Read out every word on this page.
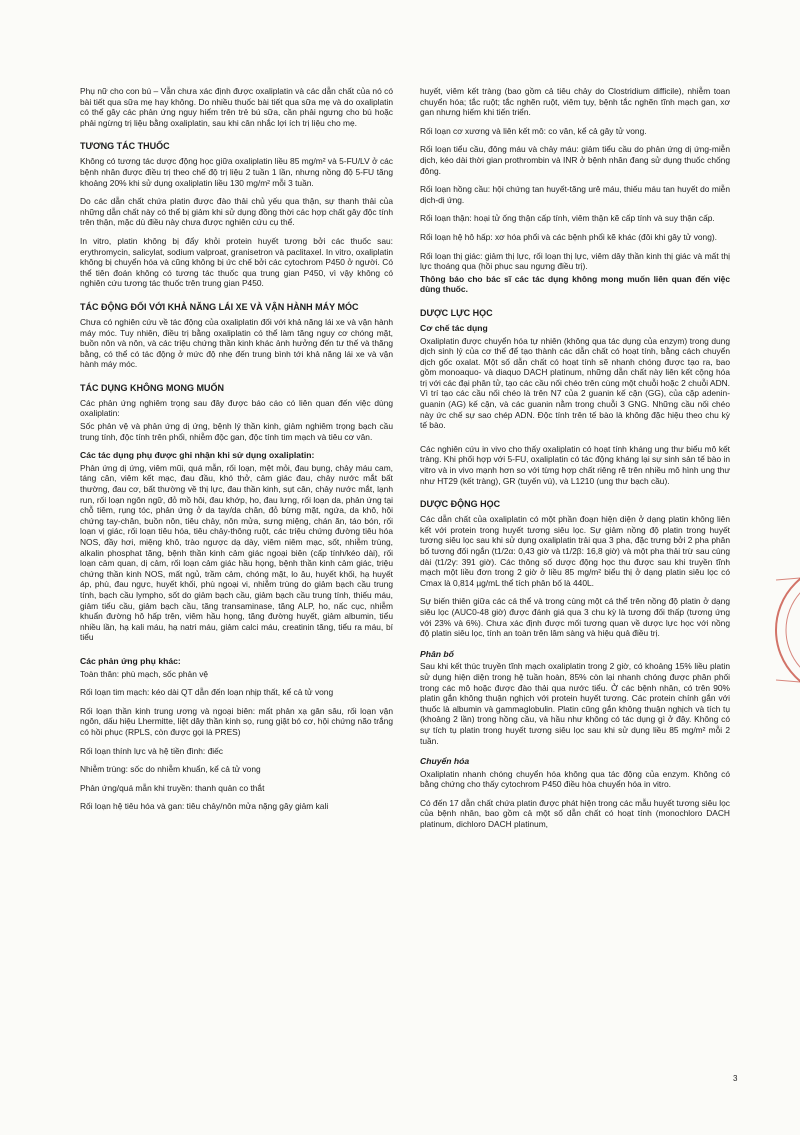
Phụ nữ cho con bú – Vẫn chưa xác định được oxaliplatin và các dẫn chất của nó có bài tiết qua sữa mẹ hay không. Do nhiều thuốc bài tiết qua sữa mẹ và do oxaliplatin có thể gây các phản ứng nguy hiểm trên trẻ bú sữa, cần phải ngưng cho bú hoặc phải ngừng trị liệu bằng oxaliplatin, sau khi cân nhắc lợi ích trị liệu cho mẹ.

TƯƠNG TÁC THUỐC

Không có tương tác dược động học giữa oxaliplatin liều 85 mg/m² và 5-FU/LV ở các bệnh nhân được điều trị theo chế độ trị liệu 2 tuần 1 lần, nhưng nồng độ 5-FU tăng khoảng 20% khi sử dụng oxaliplatin liều 130 mg/m² mỗi 3 tuần.

Do các dẫn chất chứa platin được đào thải chủ yếu qua thận, sự thanh thải của những dẫn chất này có thể bị giảm khi sử dụng đồng thời các hợp chất gây độc tính trên thận, mặc dù điều này chưa được nghiên cứu cụ thể.

In vitro, platin không bị đẩy khỏi protein huyết tương bởi các thuốc sau: erythromycin, salicylat, sodium valproat, granisetron và paclitaxel. In vitro, oxaliplatin không bị chuyển hóa và cũng không bị ức chế bởi các cytochrom P450 ở người. Có thể tiên đoán không có tương tác thuốc qua trung gian P450, vì vậy không có nghiên cứu tương tác thuốc trên trung gian P450.

TÁC ĐỘNG ĐỐI VỚI KHẢ NĂNG LÁI XE VÀ VẬN HÀNH MÁY MÓC

Chưa có nghiên cứu về tác động của oxaliplatin đối với khả năng lái xe và vận hành máy móc. Tuy nhiên, điều trị bằng oxaliplatin có thể làm tăng nguy cơ chóng mặt, buồn nôn và nôn, và các triệu chứng thần kinh khác ảnh hưởng đến tư thế và thăng bằng, có thể có tác động ở mức độ nhẹ đến trung bình tới khả năng lái xe và vận hành máy móc.

TÁC DỤNG KHÔNG MONG MUỐN

Các phản ứng nghiêm trọng sau đây được báo cáo có liên quan đến việc dùng oxaliplatin:

Sốc phản vệ và phản ứng dị ứng, bệnh lý thần kinh, giảm nghiêm trọng bạch cầu trung tính, độc tính trên phổi, nhiễm độc gan, độc tính tim mạch và tiêu cơ vân.

Các tác dụng phụ được ghi nhận khi sử dụng oxaliplatin:

Phản ứng dị ứng, viêm mũi, quá mẫn, rối loạn, mệt mỏi, đau bụng, chảy máu cam, táng cân, viêm kết mạc, đau đầu, khó thở, cảm giác đau, chảy nước mắt bất thường, đau cơ, bất thường về thị lực, đau thần kinh, sụt cân, chảy nước mắt, lạnh run, rối loạn ngôn ngữ, đỏ mồ hôi, đau khớp, ho, đau lưng, rối loạn da, phản ứng tại chỗ tiêm, rụng tóc, phản ứng ở da tay/da chân, đỏ bừng mặt, ngứa, da khô, hội chứng tay-chân, buồn nôn, tiêu chảy, nôn mửa, sưng miệng, chán ăn, táo bón, rối loạn vị giác, rối loạn tiêu hóa, tiêu chảy-thông ruột, các triệu chứng đường tiêu hóa NOS, đầy hơi, miệng khô, trào ngược dạ dày, viêm niêm mạc, sốt, nhiễm trùng, alkalin phosphat tăng, bệnh thần kinh cảm giác ngoại biên (cấp tính/kéo dài), rối loạn cảm quan, dị cảm, rối loạn cảm giác hầu họng, bệnh thần kinh cảm giác, triệu chứng thần kinh NOS, mất ngủ, trầm cảm, chóng mặt, lo âu, huyết khối, hạ huyết áp, phù, đau ngực, huyết khối, phù ngoại vi, nhiễm trùng do giảm bạch cầu trung tính, bạch cầu lympho, sốt do giảm bạch cầu, giảm bạch cầu trung tính, thiếu máu, giảm tiểu cầu, giảm bạch cầu, tăng transaminase, tăng ALP, ho, nấc cục, nhiễm khuẩn đường hô hấp trên, viêm hầu họng, tăng đường huyết, giảm albumin, tiểu nhiều lần, hạ kali máu, hạ natri máu, giảm calci máu, creatinin tăng, tiểu ra máu, bí tiểu

Các phản ứng phụ khác:

Toàn thân: phù mạch, sốc phản vệ

Rối loạn tim mạch: kéo dài QT dẫn đến loạn nhịp thất, kể cả tử vong

Rối loạn thần kinh trung ương và ngoại biên: mất phản xạ gân sâu, rối loạn vận ngôn, dấu hiệu Lhermitte, liệt dây thần kinh sọ, rung giật bó cơ, hội chứng não trắng có hồi phục (RPLS, còn được gọi là PRES)

Rối loạn thính lực và hệ tiền đình: điếc

Nhiễm trùng: sốc do nhiễm khuẩn, kể cả tử vong

Phản ứng/quá mẫn khi truyền: thanh quản co thắt

Rối loạn hệ tiêu hóa và gan: tiêu chảy/nôn mửa nặng gây giảm kali

huyết, viêm kết tràng (bao gồm cả tiêu chảy do Clostridium difficile), nhiễm toan chuyển hóa; tắc ruột; tắc nghẽn ruột, viêm tụy, bệnh tắc nghẽn tĩnh mạch gan, xơ gan nhưng hiếm khi tiến triển.

Rối loạn cơ xương và liên kết mô: co vân, kể cả gây tử vong.

Rối loạn tiểu cầu, đông máu và chảy máu: giảm tiểu cầu do phản ứng dị ứng-miễn dịch, kéo dài thời gian prothrombin và INR ở bệnh nhân đang sử dụng thuốc chống đông.

Rối loạn hồng cầu: hội chứng tan huyết-tăng urê máu, thiếu máu tan huyết do miễn dịch-dị ứng.

Rối loạn thận: hoại tử ống thận cấp tính, viêm thận kẽ cấp tính và suy thận cấp.

Rối loạn hệ hô hấp: xơ hóa phổi và các bệnh phổi kẽ khác (đôi khi gây tử vong).

Rối loạn thị giác: giảm thị lực, rối loạn thị lực, viêm dây thần kinh thị giác và mất thị lực thoáng qua (hồi phục sau ngưng điều trị).

Thông báo cho bác sĩ các tác dụng không mong muốn liên quan đến việc dùng thuốc.

DƯỢC LỰC HỌC
Cơ chế tác dụng

Oxaliplatin được chuyển hóa tự nhiên (không qua tác dụng của enzym) trong dung dịch sinh lý của cơ thể để tạo thành các dẫn chất có hoạt tính, bằng cách chuyển dịch gốc oxalat. Một số dẫn chất có hoạt tính sẽ nhanh chóng được tạo ra, bao gồm monoaquo- và diaquo DACH platinum, những dẫn chất này liên kết cộng hóa trị với các đại phân tử, tạo các cầu nối chéo trên cùng một chuỗi hoặc 2 chuỗi ADN. Vì trí tạo các cầu nối chéo là trên N7 của 2 guanin kế cận (GG), của cặp adenin-guanin (AG) kế cận, và các guanin nằm trong chuỗi 3 GNG. Những cầu nối chéo này ức chế sự sao chép ADN. Độc tính trên tế bào là không đặc hiệu theo chu kỳ tế bào.

Các nghiên cứu in vivo cho thấy oxaliplatin có hoạt tính kháng ung thư biểu mô kết tràng. Khi phối hợp với 5-FU, oxaliplatin có tác động kháng lại sự sinh sản tế bào in vitro và in vivo mạnh hơn so với từng hợp chất riêng rẽ trên nhiều mô hình ung thư như HT29 (kết tràng), GR (tuyến vú), và L1210 (ung thư bạch cầu).

DƯỢC ĐỘNG HỌC

Các dẫn chất của oxaliplatin có một phần đoạn hiện diện ở dạng platin không liên kết với protein trong huyết tương siêu lọc. Sự giảm nồng độ platin trong huyết tương siêu lọc sau khi sử dụng oxaliplatin trải qua 3 pha, đặc trưng bởi 2 pha phân bố tương đối ngắn (t1/2α: 0,43 giờ và t1/2β: 16,8 giờ) và một pha thải trừ sau cùng dài (t1/2γ: 391 giờ). Các thông số dược động học thu được sau khi truyền tĩnh mạch một liều đơn trong 2 giờ ở liều 85 mg/m² biểu thị ở dạng platin siêu lọc có Cmax là 0,814 µg/mL thể tích phân bố là 440L.

Sự biến thiên giữa các cá thể và trong cùng một cá thể trên nồng độ platin ở dạng siêu lọc (AUC0-48 giờ) được đánh giá qua 3 chu kỳ là tương đối thấp (tương ứng với 23% và 6%). Chưa xác định được mối tương quan về dược lực học với nồng độ platin siêu lọc, tính an toàn trên lâm sàng và hiệu quả điều trị.

Phân bố

Sau khi kết thúc truyền tĩnh mạch oxaliplatin trong 2 giờ, có khoảng 15% liều platin sử dụng hiện diện trong hệ tuần hoàn, 85% còn lại nhanh chóng được phân phối trong các mô hoặc được đào thải qua nước tiểu. Ở các bệnh nhân, có trên 90% platin gắn không thuận nghịch với protein huyết tương. Các protein chính gắn với thuốc là albumin và gammaglobulin. Platin cũng gắn không thuận nghịch và tích tụ (khoảng 2 lần) trong hồng cầu, và hầu như không có tác dụng gì ở đây. Không có sự tích tụ platin trong huyết tương siêu lọc sau khi sử dụng liều 85 mg/m² mỗi 2 tuần.

Chuyển hóa

Oxaliplatin nhanh chóng chuyển hóa không qua tác động của enzym. Không có bằng chứng cho thấy cytochrom P450 điều hòa chuyển hóa in vitro.

Có đến 17 dẫn chất chứa platin được phát hiện trong các mẫu huyết tương siêu lọc của bệnh nhân, bao gồm cả một số dẫn chất có hoạt tính (monochloro DACH platinum, dichloro DACH platinum,

3
